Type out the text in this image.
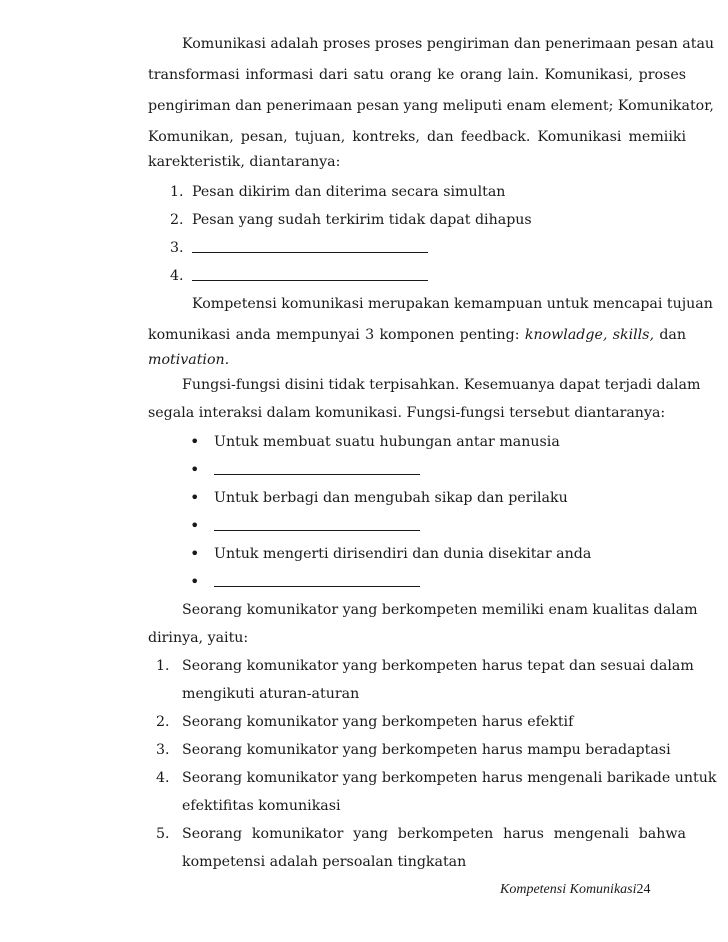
Komunikasi adalah proses proses pengiriman dan penerimaan pesan atau
transformasi informasi dari satu orang ke orang lain. Komunikasi, proses
pengiriman dan penerimaan pesan yang meliputi enam element; Komunikator,
Komunikan, pesan, tujuan, kontreks, dan feedback. Komunikasi memiiki
karekteristik, diantaranya:
1. Pesan dikirim dan diterima secara simultan
2. Pesan yang sudah terkirim tidak dapat dihapus
3.
4.
Kompetensi komunikasi merupakan kemampuan untuk mencapai tujuan
komunikasi anda mempunyai 3 komponen penting: knowladge, skills, dan
motivation.
Fungsi-fungsi disini tidak terpisahkan. Kesemuanya dapat terjadi dalam
segala interaksi dalam komunikasi. Fungsi-fungsi tersebut diantaranya:
• Untuk membuat suatu hubungan antar manusia
•
• Untuk berbagi dan mengubah sikap dan perilaku
•
• Untuk mengerti dirisendiri dan dunia disekitar anda
•
Seorang komunikator yang berkompeten memiliki enam kualitas dalam
dirinya, yaitu:
1. Seorang komunikator yang berkompeten harus tepat dan sesuai dalam
mengikuti aturan-aturan
2. Seorang komunikator yang berkompeten harus efektif
3. Seorang komunikator yang berkompeten harus mampu beradaptasi
4. Seorang komunikator yang berkompeten harus mengenali barikade untuk
efektifitas komunikasi
5. Seorang komunikator yang berkompeten harus mengenali bahwa
kompetensi adalah persoalan tingkatan
Kompetensi Komunikasi24
